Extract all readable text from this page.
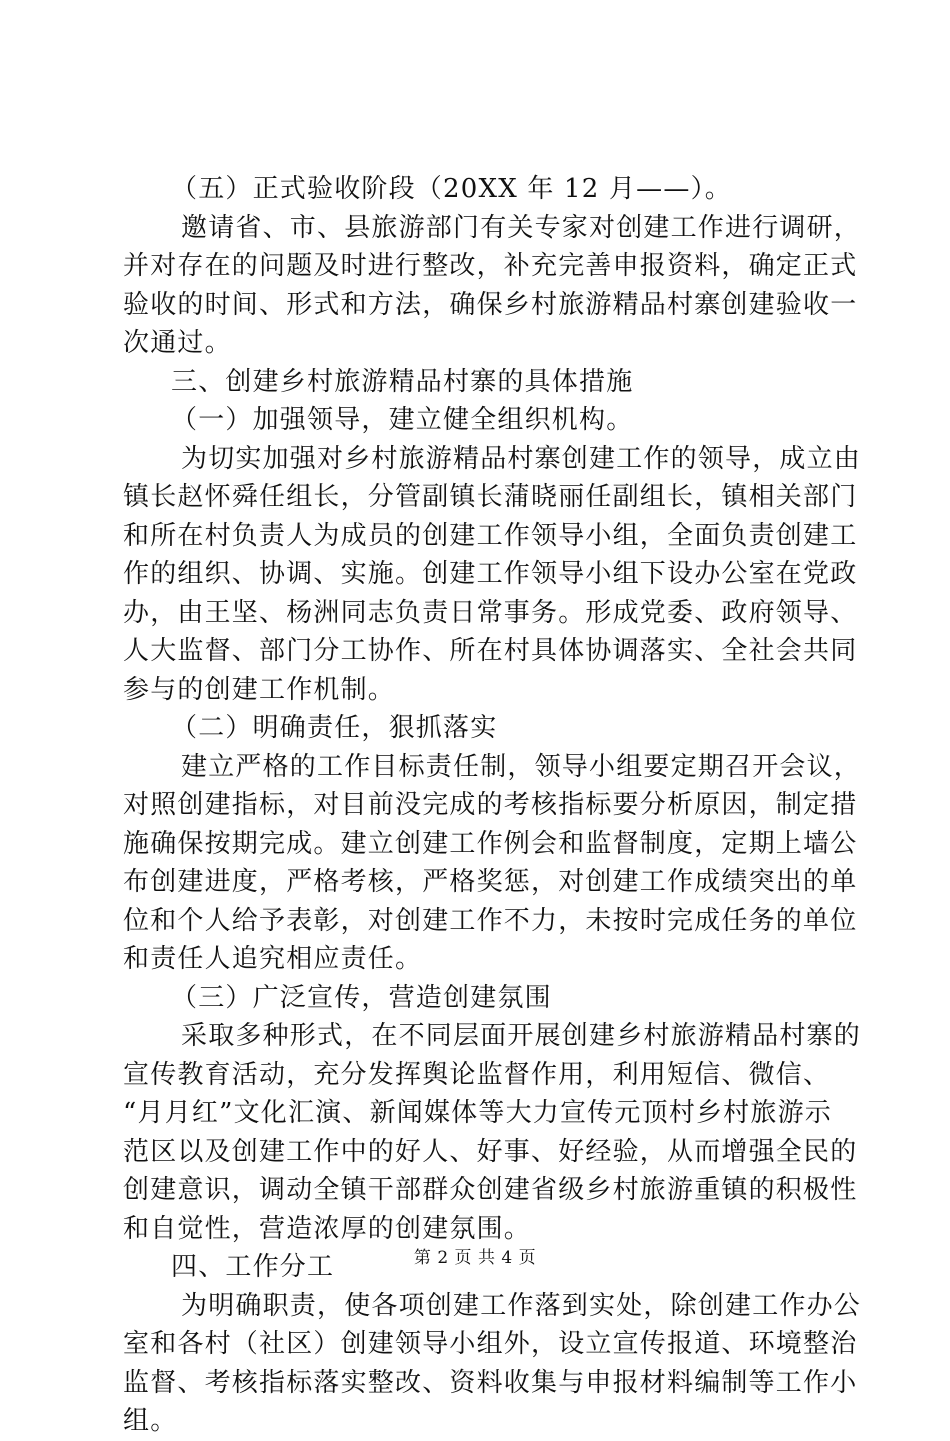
（五）正式验收阶段（20XX 年 12 月——）。
邀请省、市、县旅游部门有关专家对创建工作进行调研，
并对存在的问题及时进行整改，补充完善申报资料，确定正式
验收的时间、形式和方法，确保乡村旅游精品村寨创建验收一
次通过。
三、创建乡村旅游精品村寨的具体措施
（一）加强领导，建立健全组织机构。
为切实加强对乡村旅游精品村寨创建工作的领导，成立由
镇长赵怀舜任组长，分管副镇长蒲晓丽任副组长，镇相关部门
和所在村负责人为成员的创建工作领导小组，全面负责创建工
作的组织、协调、实施。创建工作领导小组下设办公室在党政
办，由王坚、杨洲同志负责日常事务。形成党委、政府领导、
人大监督、部门分工协作、所在村具体协调落实、全社会共同
参与的创建工作机制。
（二）明确责任，狠抓落实
建立严格的工作目标责任制，领导小组要定期召开会议，
对照创建指标，对目前没完成的考核指标要分析原因，制定措
施确保按期完成。建立创建工作例会和监督制度，定期上墙公
布创建进度，严格考核，严格奖惩，对创建工作成绩突出的单
位和个人给予表彰，对创建工作不力，未按时完成任务的单位
和责任人追究相应责任。
（三）广泛宣传，营造创建氛围
采取多种形式，在不同层面开展创建乡村旅游精品村寨的
宣传教育活动，充分发挥舆论监督作用，利用短信、微信、
“月月红”文化汇演、新闻媒体等大力宣传元顶村乡村旅游示
范区以及创建工作中的好人、好事、好经验，从而增强全民的
创建意识，调动全镇干部群众创建省级乡村旅游重镇的积极性
和自觉性，营造浓厚的创建氛围。
四、工作分工
为明确职责，使各项创建工作落到实处，除创建工作办公
室和各村（社区）创建领导小组外，设立宣传报道、环境整治
监督、考核指标落实整改、资料收集与申报材料编制等工作小
组。
第 2 页 共 4 页
